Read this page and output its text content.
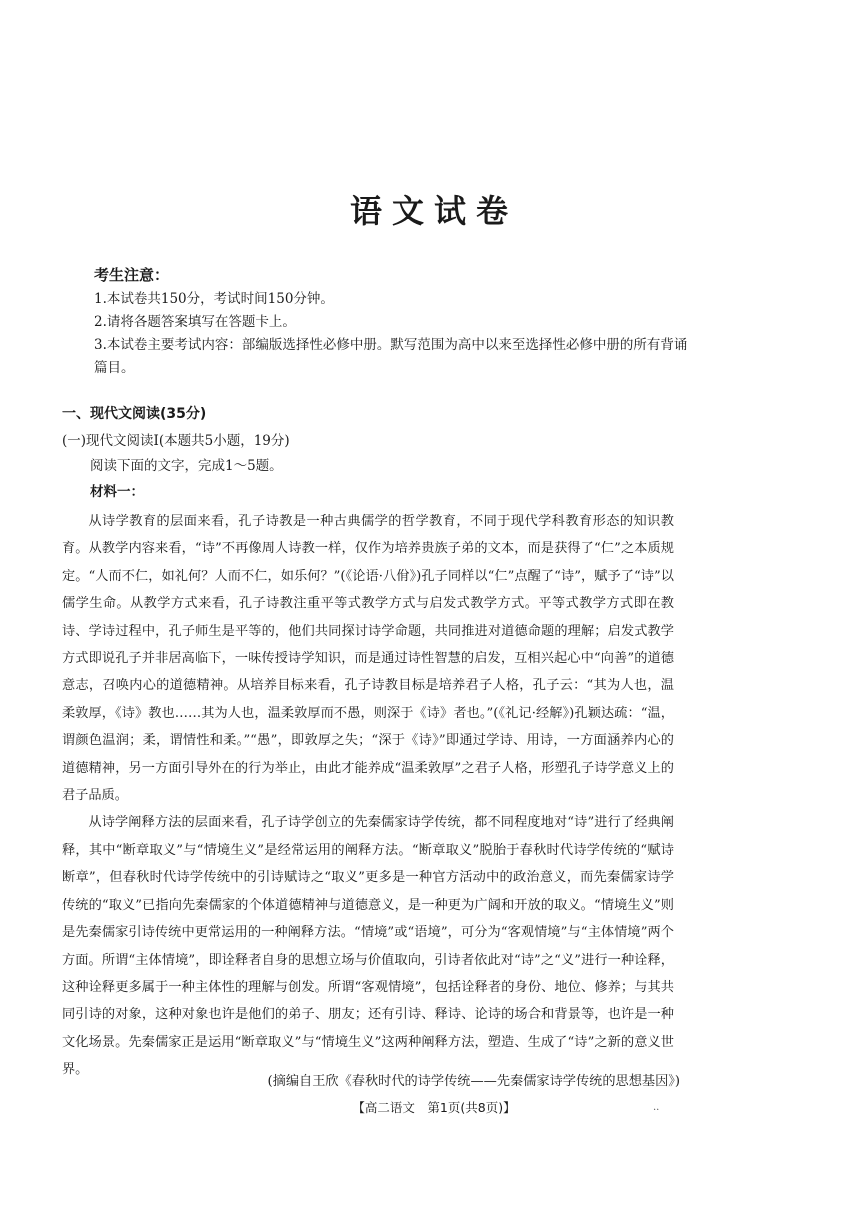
语文试卷
考生注意：
1.本试卷共150分，考试时间150分钟。
2.请将各题答案填写在答题卡上。
3.本试卷主要考试内容：部编版选择性必修中册。默写范围为高中以来至选择性必修中册的所有背诵篇目。
一、现代文阅读(35分)
(一)现代文阅读Ⅰ(本题共5小题，19分)
阅读下面的文字，完成1～5题。
材料一：

从诗学教育的层面来看，孔子诗教是一种古典儒学的哲学教育，不同于现代学科教育形态的知识教育。从教学内容来看，“诗”不再像周人诗教一样，仅作为培养贵族子弟的文本，而是获得了“仁”之本质规定。“人而不仁，如礼何？人而不仁，如乐何？”(《论语·八佾》)孔子同样以“仁”点醒了“诗”，赋予了“诗”以儒学生命。从教学方式来看，孔子诗教注重平等式教学方式与启发式教学方式。平等式教学方式即在教诗、学诗过程中，孔子师生是平等的，他们共同探讨诗学命题，共同推进对道德命题的理解；启发式教学方式即说孔子并非居高临下，一味传授诗学知识，而是通过诗性智慧的启发，互相兴起心中“向善”的道德意志，召唤内心的道德精神。从培养目标来看，孔子诗教目标是培养君子人格，孔子云：“其为人也，温柔敦厚，《诗》教也……其为人也，温柔敦厚而不愚，则深于《诗》者也。”(《礼记·经解》)孔颖达疏：“温，谓颜色温润；柔，谓情性和柔。”“愚”，即敦厚之失；“深于《诗》”即通过学诗、用诗，一方面涵养内心的道德精神，另一方面引导外在的行为举止，由此才能养成“温柔敦厚”之君子人格，形塑孔子诗学意义上的君子品质。

从诗学阐释方法的层面来看，孔子诗学创立的先秦儒家诗学传统，都不同程度地对“诗”进行了经典阐释，其中“断章取义”与“情境生义”是经常运用的阐释方法。“断章取义”脱胎于春秋时代诗学传统的“赋诗断章”，但春秋时代诗学传统中的引诗赋诗之“取义”更多是一种官方活动中的政治意义，而先秦儒家诗学传统的“取义”已指向先秦儒家的个体道德精神与道德意义，是一种更为广阔和开放的取义。“情境生义”则是先秦儒家引诗传统中更常运用的一种阐释方法。“情境”或“语境”，可分为“客观情境”与“主体情境”两个方面。所谓“主体情境”，即诠释者自身的思想立场与价值取向，引诗者依此对“诗”之“义”进行一种诠释，这种诠释更多属于一种主体性的理解与创发。所谓“客观情境”，包括诠释者的身份、地位、修养；与其共同引诗的对象，这种对象也许是他们的弟子、朋友；还有引诗、释诗、论诗的场合和背景等，也许是一种文化场景。先秦儒家正是运用“断章取义”与“情境生义”这两种阐释方法，塑造、生成了“诗”之新的意义世界。

(摘编自王欣《春秋时代的诗学传统——先秦儒家诗学传统的思想基因》)
【高二语文　第1页(共8页)】	..
